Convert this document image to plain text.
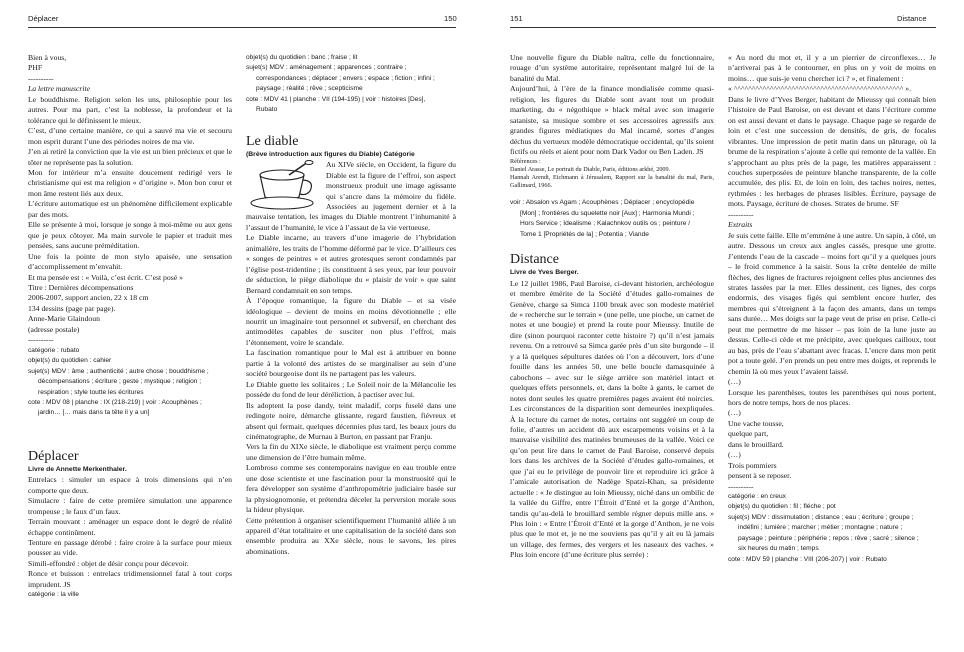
Déplacer	150	151	Distance

Bien à vous,

PHF

----------

La lettre manuscrite

Le bouddhisme. Religion selon les uns, philosophie pour les autres. Pour ma part, c’est la noblesse, la profondeur et la tolérance qui le définissent le mieux.

C’est, d’une certaine manière, ce qui a sauvé ma vie et secouru mon esprit durant l’une des périodes noires de ma vie.

J’en ai retiré la conviction que la vie est un bien précieux et que le tôter ne représente pas la solution.

Mon for intérieur m’a ensuite doucement redirigé vers le christianisme qui est ma religion « d’origine ». Mon bon cœur et mon âme restent liés aux deux.

L’écriture automatique est un phénomène difficilement explicable par des mots.

Elle se présente à moi, lorsque je songe à moi-même ou aux gens que je peux côtoyer. Ma main survole le papier et traduit mes pensées, sans aucune préméditation.

Une fois la pointe de mon stylo apaisée, une sensation d’accomplissement m’envahit.

Et ma pensée est : « Voilà, c’est écrit. C’est posé »

Titre : Dernières décompensations

2006-2007, support ancien, 22 x 18 cm

134 dessins (page par page).

Anne-Marie Glaindoun

(adresse postale)

----------

catégorie : rubato
objet(s) du quotidien : cahier
sujet(s) MDV : âme ; authenticité ; autre chose ; bouddhisme ;
décompensations ; écriture ; geste ; mystique ; religion ;
respiration ; style toutte les écritures
cote : MDV 08 | planche : IX (218-219) | voir : Acouphènes ;
jardin… [… mais dans ta tête il y a un]
Déplacer
Livre de Annette Merkenthaler.

Entrelacs : simuler un espace à trois dimensions qui n’en comporte que deux.

Simulacre : faire de cette première simulation une apparence trompeuse ; le faux d’un faux.

Terrain mouvant : aménager un espace dont le degré de réalité échappe continûment.

Tenture en passage dérobé : faire croire à la surface pour mieux pousser au vide.

Simili-effondré : objet de désir conçu pour décevoir.

Ronce et buisson : entrelacs tridimensionnel fatal à tout corps imprudent. JS

catégorie : la ville
objet(s) du quotidien : banc ; fraise ; lit
sujet(s) MDV : aménagement ; apparences ; contraire ;
correspondances ; déplacer ; envers ; espace ; fiction ; infini ;
paysage ; réalité ; rêve ; scepticisme
cote : MDV 41 | planche : VII (194-195) | voir : histoires [Des],
Rubato
Le diable
(Brève introduction aux figures du Diable) Catégorie

Au XIVe siècle, en Occident, la figure du Diable est la figure de l’effroi, son aspect monstrueux produit une image agissante qui s’ancre dans la mémoire du fidèle. Associées au jugement dernier et à la mauvaise tentation, les images du Diable montrent l’inhumanité à l’assaut de l’humanité, le vice à l’assaut de la vie vertueuse.

Le Diable incarne, au travers d’une imagerie de l’hybridation animalière, les traits de l’homme déformé par le vice. D’ailleurs ces « songes de peintres » et autres grotesques seront condamnés par l’église post-tridentine ; ils constituent à ses yeux, par leur pouvoir de séduction, le piège diabolique du « plaisir de voir » que saint Bernard condamnait en son temps.

À l’époque romantique, la figure du Diable – et sa visée idéologique – devient de moins en moins dévotionnelle ; elle nourrit un imaginaire tout personnel et subversif, en cherchant des antimodèles capables de susciter non plus l’effroi, mais l’étonnement, voire le scandale.

La fascination romantique pour le Mal est à attribuer en bonne partie à la volonté des artistes de se marginaliser au sein d’une société bourgeoise dont ils ne partagent pas les valeurs.

Le Diable guette les solitaires ; Le Soleil noir de la Mélancolie les possède du fond de leur déréliction, à pactiser avec lui.

Ils adoptent la pose dandy, teint maladif, corps fuselé dans une redingote noire, démarche glissante, regard faustien, fiévreux et absent qui fermait, quelques décennies plus tard, les beaux jours du cinématographe, de Murnau à Burton, en passant par Franju.

Vers la fin du XIXe siècle, le diabolique est vraiment perçu comme une dimension de l’être humain même.

Lombroso comme ses contemporains navigue en eau trouble entre une dose scientiste et une fascination pour la monstruosité qui le fera développer son système d’anthropométrie judiciaire basée sur la physiognomonie, et prétendra déceler la perversion morale sous la hideur physique.

Cette prétention à organiser scientifiquement l’humanité alliée à un appareil d’état totalitaire et une capitalisation de la société dans son ensemble produira au XXe siècle, nous le savons, les pires abominations.

Une nouvelle figure du Diable naîtra, celle du fonctionnaire, rouage d’un système autoritaire, représentant malgré lui de la banalité du Mal.

Aujourd’hui, à l’ère de la finance mondialisée comme quasi-religion, les figures du Diable sont avant tout un produit marketing, du « négothique » black métal avec son imagerie sataniste, sa musique sombre et ses accessoires agressifs aux grandes figures médiatiques du Mal incarné, sortes d’anges déchus du vertueux modèle démocratique occidental, qu’ils soient fictifs ou réels et aient pour nom Dark Vador ou Ben Laden. JS

Références :

Daniel Arasse, Le portrait du Diable, Paris, éditions arkhé, 2009.

Hannah Arendt, Eichmann à Jérusalem, Rapport sur la banalité du mal, Paris, Gallimard, 1966.

voir : Absalon vs Agam ; Acouphènes ; Déplacer ; encyclopédie
[Mon] ; frontières du squelette noir [Aux] ; Harmonia Mundi ;
Hors Service ; Idealisme ; Kalachnkov outils os ; peinture /
Tome 1 [Propriétés de la] ; Potentia ; Viande
Distance
Livre de Yves Berger.

Le 12 juillet 1986, Paul Baroise, ci-devant historien, archéologue et membre émérite de la Société d’études gallo-romaines de Genève, charge sa Simca 1100 break avec son modeste matériel de « recherche sur le terrain » (une pelle, une pioche, un carnet de notes et une bougie) et prend la route pour Mieussy. Inutile de dire (sinon pourquoi raconter cette histoire ?) qu’il n’est jamais revenu. On a retrouvé sa Simca garée près d’un site burgonde – il y a là quelques sépultures datées où l’on a découvert, lors d’une fouille dans les années 50, une belle boucle damasquinée à cabochons – avec sur le siège arrière son matériel intact et quelques effets personnels, et, dans la boîte à gants, le carnet de notes dont seules les quatre premières pages avaient été noircies. Les circonstances de la disparition sont demeurées inexpliquées. À la lecture du carnet de notes, certains ont suggéré un coup de folie, d’autres un accident dû aux escarpements voisins et à la mauvaise visibilité des matinées brumeuses de la vallée. Voici ce qu’on peut lire dans le carnet de Paul Baroise, conservé depuis lors dans les archives de la Société d’études gallo-romaines, et que j’ai eu le privilège de pouvoir lire et reproduire ici grâce à l’amicale autorisation de Nadège Spatzi-Khan, sa présidente actuelle : « Je distingue au loin Mieussy, niché dans un ombilic de la vallée du Giffre, entre l’Étroit d’Enté et la gorge d’Anthon, tandis qu’au-delà le brouillard semble régner depuis mille ans. » Plus loin : « Entre l’Étroit d’Enté et la gorge d’Anthon, je ne vois plus que le mot et, je ne me souviens pas qu’il y ait eu là jamais un village, des fermes, des vergers et les naseaux des vaches. » Plus loin encore (d’une écriture plus serrée) :

« Au nord du mot et, il y a un pierrier de circonflexes… Je n’arriverai pas à le contourner, en plus on y voit de moins en moins… que suis-je venu chercher ici ? », et finalement :

« ^^^^^^^^^^^^^^^^^^^^^^^^^^^^^^^^^^^^^^^^^^^^^^^ ».

Dans le livre d’Yves Berger, habitant de Mieussy qui connaît bien l’histoire de Paul Baroise, on est devant et dans l’écriture comme on est aussi devant et dans le paysage. Chaque page se regarde de loin et c’est une succession de densités, de gris, de focales vibrantes. Une impression de petit matin dans un pâturage, où la brume de la respiration s’ajoute à celle qui remonte de la vallée. En s’approchant au plus près de la page, les matières apparaissent : couches superposées de peinture blanche transparente, de la colle accumulée, des plis. Et, de loin en loin, des taches noires, nettes, rythmées : les herbages de phrases lisibles. Écriture, paysage de mots. Paysage, écriture de choses. Strates de brume. SF

----------

Extraits

Je suis cette faille. Elle m’emmène à une autre. Un sapin, à côté, un autre. Dessous un creux aux angles cassés, presque une grotte. J’entends l’eau de la cascade – moins fort qu’il y a quelques jours – le froid commence à la saisir. Sous la crête dentelée de mille flèches, des lignes de fractures rejoignent celles plus anciennes des strates lassées par la mer. Elles dessinent, ces lignes, des corps endormis, des visages figés qui semblent encore hurler, des membres qui s’étreignent à la façon des amants, dans un temps sans durée… Mes doigts sur la page veut de prise en prise. Celle-ci peut me permettre de me hisser – pas loin de la lune juste au dessus. Celle-ci cède et me précipite, avec quelques cailloux, tout au bas, près de l’eau s’abattant avec fracas. L’encre dans mon petit pot a toute gelé. J’en prends un peu entre mes doigts, et reprends le chemin là où mes yeux l’avaient laissé.

(…)

Lorsque les parenthèses, toutes les parenthèses qui nous portent, hors de notre temps, hors de nos places.

(…)

Une vache tousse,

quelque part,

dans le brouillard.

(…)

Trois pommiers

pensent à se reposer.

----------

catégorie : en creux
objet(s) du quotidien : fil ; fléche ; pot
sujet(s) MDV : dissimulation ; distance ; eau ; écriture ; groupe ;
indéfini ; lumière ; marcher ; métier ; montagne ; nature ;
paysage ; peinture ; périphérie ; repos ; rêve ; sacré ; silence ;
six heures du matin ; temps
cote : MDV 59 | planche : VIII (206-207) | voir : Rubato
